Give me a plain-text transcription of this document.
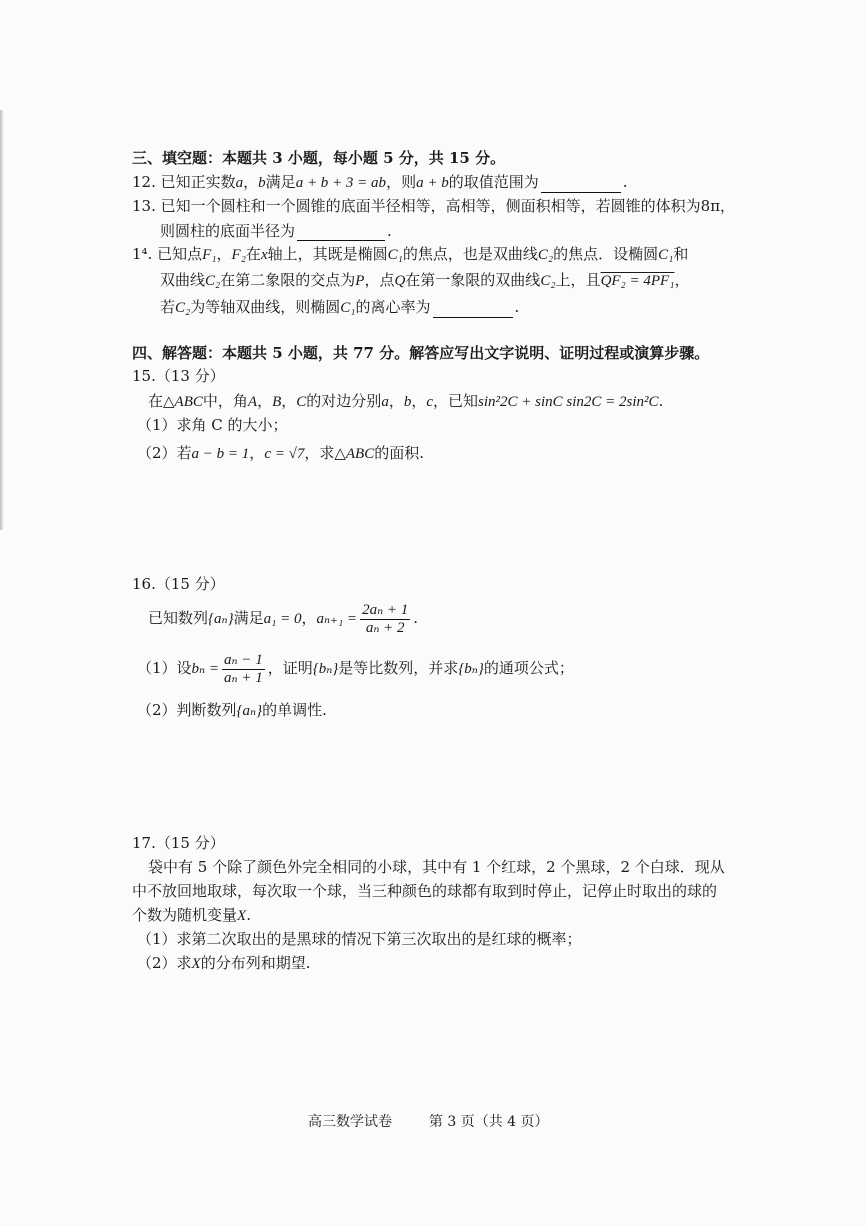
三、填空题：本题共 3 小题，每小题 5 分，共 15 分。
12. 已知正实数a，b满足a + b + 3 = ab，则a + b的取值范围为	.
13. 已知一个圆柱和一个圆锥的底面半径相等，高相等，侧面积相等，若圆锥的体积为8π，
则圆柱的底面半径为	.
1⁴. 已知点F₁，F₂在x轴上，其既是椭圆C₁的焦点，也是双曲线C₂的焦点．设椭圆C₁和
双曲线C₂在第二象限的交点为P，点Q在第一象限的双曲线C₂上，且QF₂ = 4PF₁，
若C₂为等轴双曲线，则椭圆C₁的离心率为	.
四、解答题：本题共 5 小题，共 77 分。解答应写出文字说明、证明过程或演算步骤。
15.（13 分）
在△ABC中，角A，B，C的对边分别a，b，c，已知sin²2C + sinC sin2C = 2sin²C.
（1）求角 C 的大小；
（2）若a − b = 1，c = √7，求△ABC的面积.
16.（15 分）
已知数列{aₙ}满足a₁ = 0，$a_{n+1} = \frac{\text{2aₙ + 1}}{\text{aₙ + 2}}$ .
（1）设$b_n = \frac{\text{aₙ − 1}}{\text{aₙ + 1}}$ ，证明{bₙ}是等比数列，并求{bₙ}的通项公式；
（2）判断数列{aₙ}的单调性.
17.（15 分）
袋中有 5 个除了颜色外完全相同的小球，其中有 1 个红球，2 个黑球，2 个白球．现从
中不放回地取球，每次取一个球，当三种颜色的球都有取到时停止，记停止时取出的球的
个数为随机变量X.
（1）求第二次取出的是黑球的情况下第三次取出的是红球的概率；
（2）求X的分布列和期望.
高三数学试卷	第 3 页（共 4 页）
